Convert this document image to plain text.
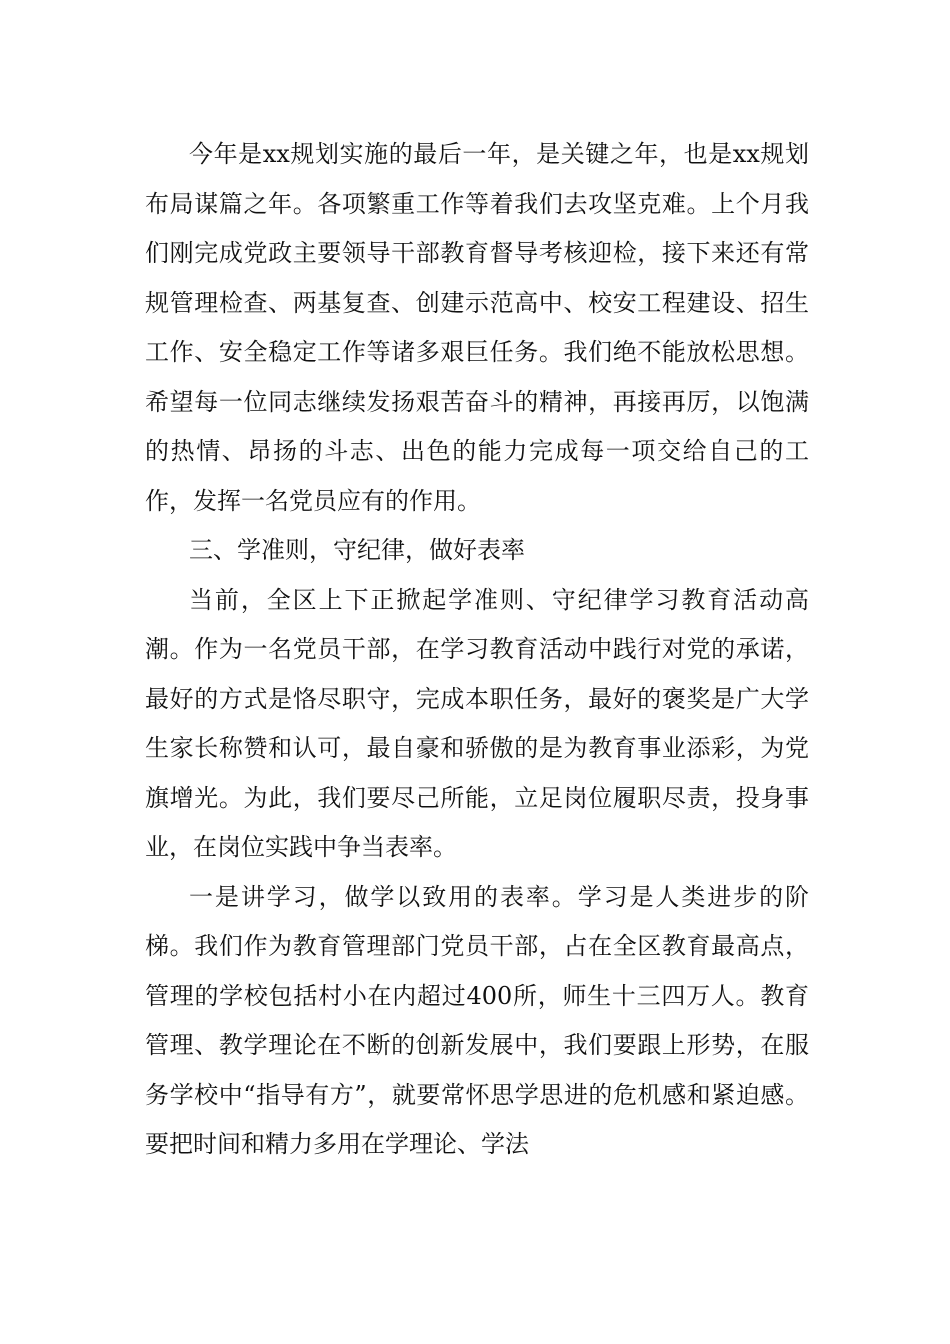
今年是xx规划实施的最后一年，是关键之年，也是xx规划布局谋篇之年。各项繁重工作等着我们去攻坚克难。上个月我们刚完成党政主要领导干部教育督导考核迎检，接下来还有常规管理检查、两基复查、创建示范高中、校安工程建设、招生工作、安全稳定工作等诸多艰巨任务。我们绝不能放松思想。希望每一位同志继续发扬艰苦奋斗的精神，再接再厉，以饱满的热情、昂扬的斗志、出色的能力完成每一项交给自己的工作，发挥一名党员应有的作用。

三、学准则，守纪律，做好表率

当前，全区上下正掀起学准则、守纪律学习教育活动高潮。作为一名党员干部，在学习教育活动中践行对党的承诺，最好的方式是恪尽职守，完成本职任务，最好的褒奖是广大学生家长称赞和认可，最自豪和骄傲的是为教育事业添彩，为党旗增光。为此，我们要尽己所能，立足岗位履职尽责，投身事业，在岗位实践中争当表率。

一是讲学习，做学以致用的表率。学习是人类进步的阶梯。我们作为教育管理部门党员干部，占在全区教育最高点，管理的学校包括村小在内超过400所，师生十三四万人。教育管理、教学理论在不断的创新发展中，我们要跟上形势，在服务学校中“指导有方”，就要常怀思学思进的危机感和紧迫感。要把时间和精力多用在学理论、学法
